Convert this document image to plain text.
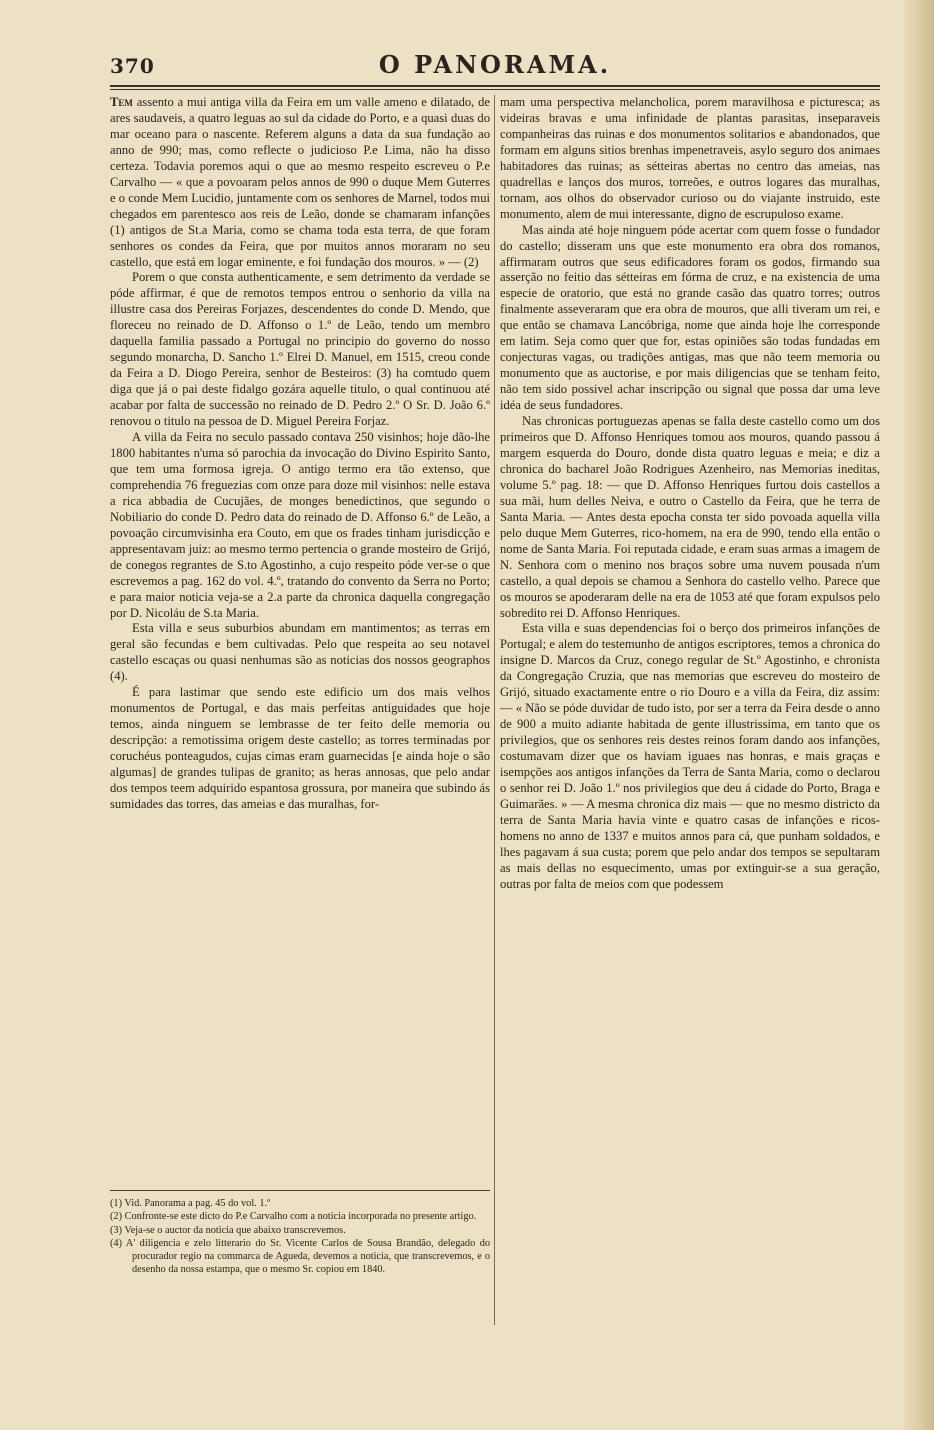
370	O PANORAMA.

Tem assento a mui antiga villa da Feira em um valle ameno e dilatado, de ares saudaveis, a quatro leguas ao sul da cidade do Porto, e a quasi duas do mar oceano para o nascente. Referem alguns a data da sua fundação ao anno de 990; mas, como reflecte o judicioso P.e Lima, não ha disso certeza. Todavia poremos aqui o que ao mesmo respeito escreveu o P.e Carvalho — « que a povoaram pelos annos de 990 o duque Mem Guterres e o conde Mem Lucidio, juntamente com os senhores de Marnel, todos mui chegados em parentesco aos reis de Leão, donde se chamaram infanções (1) antigos de St.a Maria, como se chama toda esta terra, de que foram senhores os condes da Feira, que por muitos annos moraram no seu castello, que está em logar eminente, e foi fundação dos mouros. » — (2)

Porem o que consta authenticamente, e sem detrimento da verdade se póde affirmar, é que de remotos tempos entrou o senhorio da villa na illustre casa dos Pereiras Forjazes, descendentes do conde D. Mendo, que floreceu no reinado de D. Affonso o 1.º de Leão, tendo um membro daquella familia passado a Portugal no principio do governo do nosso segundo monarcha, D. Sancho 1.º Elrei D. Manuel, em 1515, creou conde da Feira a D. Diogo Pereira, senhor de Besteiros: (3) ha comtudo quem diga que já o pai deste fidalgo gozára aquelle titulo, o qual continuou até acabar por falta de successão no reinado de D. Pedro 2.º O Sr. D. João 6.º renovou o titulo na pessoa de D. Miguel Pereira Forjaz.

A villa da Feira no seculo passado contava 250 visinhos; hoje dão-lhe 1800 habitantes n'uma só parochia da invocação do Divino Espirito Santo, que tem uma formosa igreja. O antigo termo era tão extenso, que comprehendia 76 freguezias com onze para doze mil visinhos: nelle estava a rica abbadia de Cucujães, de monges benedictinos, que segundo o Nobiliario do conde D. Pedro data do reinado de D. Affonso 6.º de Leão, a povoação circumvisinha era Couto, em que os frades tinham jurisdicção e appresentavam juiz: ao mesmo termo pertencia o grande mosteiro de Grijó, de conegos regrantes de S.to Agostinho, a cujo respeito póde ver-se o que escrevemos a pag. 162 do vol. 4.º, tratando do convento da Serra no Porto; e para maior noticia veja-se a 2.a parte da chronica daquella congregação por D. Nicoláu de S.ta Maria.

Esta villa e seus suburbios abundam em mantimentos; as terras em geral são fecundas e bem cultivadas. Pelo que respeita ao seu notavel castello escaças ou quasi nenhumas são as noticias dos nossos geographos (4).

É para lastimar que sendo este edificio um dos mais velhos monumentos de Portugal, e das mais perfeitas antiguidades que hoje temos, ainda ninguem se lembrasse de ter feito delle memoria ou descripção: a remotissima origem deste castello; as torres terminadas por coruchéus ponteagudos, cujas cimas eram guarnecidas [e ainda hoje o são algumas] de grandes tulipas de granito; as heras annosas, que pelo andar dos tempos teem adquirido espantosa grossura, por maneira que subindo ás sumidades das torres, das ameias e das muralhas, for-

mam uma perspectiva melancholica, porem maravilhosa e picturesca; as videiras bravas e uma infinidade de plantas parasitas, inseparaveis companheiras das ruinas e dos monumentos solitarios e abandonados, que formam em alguns sitios brenhas impenetraveis, asylo seguro dos animaes habitadores das ruinas; as sétteiras abertas no centro das ameias, nas quadrellas e lanços dos muros, torreões, e outros logares das muralhas, tornam, aos olhos do observador curioso ou do viajante instruido, este monumento, alem de mui interessante, digno de escrupuloso exame.

Mas ainda até hoje ninguem póde acertar com quem fosse o fundador do castello; disseram uns que este monumento era obra dos romanos, affirmaram outros que seus edificadores foram os godos, firmando sua asserção no feitio das sétteiras em fórma de cruz, e na existencia de uma especie de oratorio, que está no grande casão das quatro torres; outros finalmente asseveraram que era obra de mouros, que alli tiveram um rei, e que então se chamava Lancóbriga, nome que ainda hoje lhe corresponde em latim. Seja como quer que for, estas opiniões são todas fundadas em conjecturas vagas, ou tradições antigas, mas que não teem memoria ou monumento que as auctorise, e por mais diligencias que se tenham feito, não tem sido possivel achar inscripção ou signal que possa dar uma leve idéa de seus fundadores.

Nas chronicas portuguezas apenas se falla deste castello como um dos primeiros que D. Affonso Henriques tomou aos mouros, quando passou á margem esquerda do Douro, donde dista quatro leguas e meia; e diz a chronica do bacharel João Rodrigues Azenheiro, nas Memorias ineditas, volume 5.º pag. 18: — que D. Affonso Henriques furtou dois castellos a sua mãi, hum delles Neiva, e outro o Castello da Feira, que he terra de Santa Maria. — Antes desta epocha consta ter sido povoada aquella villa pelo duque Mem Guterres, rico-homem, na era de 990, tendo ella então o nome de Santa Maria. Foi reputada cidade, e eram suas armas a imagem de N. Senhora com o menino nos braços sobre uma nuvem pousada n'um castello, a qual depois se chamou a Senhora do castello velho. Parece que os mouros se apoderaram delle na era de 1053 até que foram expulsos pelo sobredito rei D. Affonso Henriques.

Esta villa e suas dependencias foi o berço dos primeiros infanções de Portugal; e alem do testemunho de antigos escriptores, temos a chronica do insigne D. Marcos da Cruz, conego regular de St.º Agostinho, e chronista da Congregação Cruzia, que nas memorias que escreveu do mosteiro de Grijó, situado exactamente entre o rio Douro e a villa da Feira, diz assim: — « Não se póde duvidar de tudo isto, por ser a terra da Feira desde o anno de 900 a muito adiante habitada de gente illustrissima, em tanto que os privilegios, que os senhores reis destes reinos foram dando aos infanções, costumavam dizer que os haviam iguaes nas honras, e mais graças e isempções aos antigos infanções da Terra de Santa Maria, como o declarou o senhor rei D. João 1.º nos privilegios que deu á cidade do Porto, Braga e Guimarães. » — A mesma chronica diz mais — que no mesmo districto da terra de Santa Maria havia vinte e quatro casas de infanções e ricos-homens no anno de 1337 e muitos annos para cá, que punham soldados, e lhes pagavam á sua custa; porem que pelo andar dos tempos se sepultaram as mais dellas no esquecimento, umas por extinguir-se a sua geração, outras por falta de meios com que podessem

(1) Vid. Panorama a pag. 45 do vol. 1.º

(2) Confronte-se este dicto do P.e Carvalho com a noticia incorporada no presente artigo.

(3) Veja-se o auctor da noticia que abaixo transcrevemos.

(4) A' diligencia e zelo litterario do Sr. Vicente Carlos de Sousa Brandão, delegado do procurador regio na commarca de Agueda, devemos a noticia, que transcrevemos, e o desenho da nossa estampa, que o mesmo Sr. copiou em 1840.
